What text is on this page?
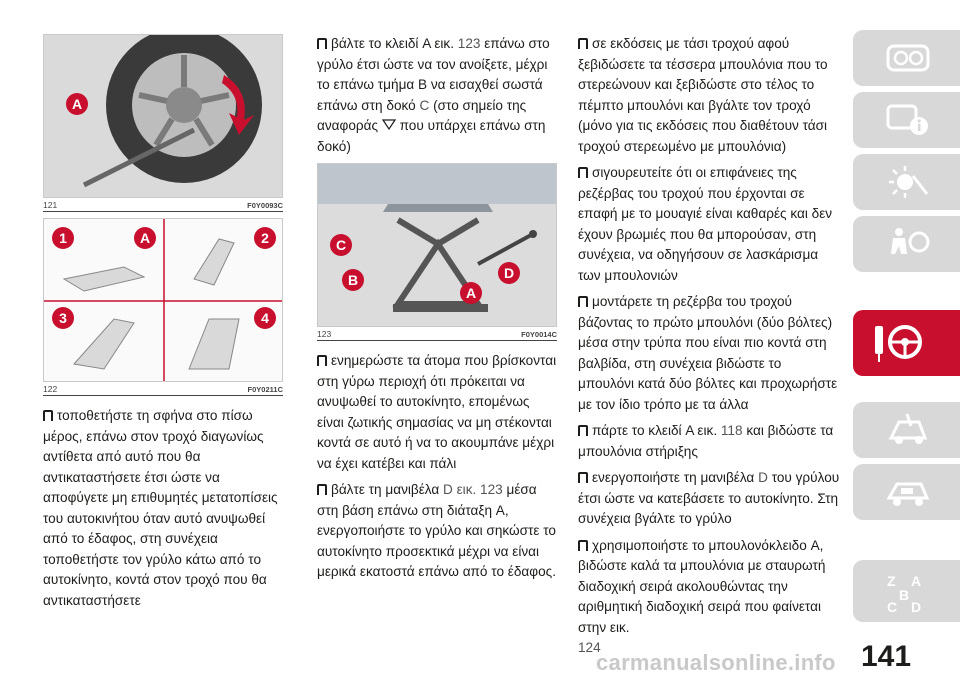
A
121	F0Y0093C
1	A	2
3	4
122	F0Y0211C

τοποθετήστε τη σφήνα στο πίσω μέρος, επάνω στον τροχό διαγωνίως αντίθετα από αυτό που θα αντικαταστήσετε έτσι ώστε να αποφύγετε μη επιθυμητές μετατοπίσεις του αυτοκινήτου όταν αυτό ανυψωθεί από το έδαφος, στη συνέχεια τοποθετήστε τον γρύλο κάτω από το αυτοκίνητο, κοντά στον τροχό που θα αντικαταστήσετε

βάλτε το κλειδί A εικ. 123 επάνω στο γρύλο έτσι ώστε να τον ανοίξετε, μέχρι το επάνω τμήμα B να εισαχθεί σωστά επάνω στη δοκό C (στο σημείο της αναφοράς που υπάρχει επάνω στη δοκό)

C
B
A
D
123	F0Y0014C

ενημερώστε τα άτομα που βρίσκονται στη γύρω περιοχή ότι πρόκειται να ανυψωθεί το αυτοκίνητο, επομένως είναι ζωτικής σημασίας να μη στέκονται κοντά σε αυτό ή να το ακουμπάνε μέχρι να έχει κατέβει και πάλι

βάλτε τη μανιβέλα D εικ. 123 μέσα στη βάση επάνω στη διάταξη A, ενεργοποιήστε το γρύλο και σηκώστε το αυτοκίνητο προσεκτικά μέχρι να είναι μερικά εκατοστά επάνω από το έδαφος.

σε εκδόσεις με τάσι τροχού αφού ξεβιδώσετε τα τέσσερα μπουλόνια που το στερεώνουν και ξεβιδώστε στο τέλος το πέμπτο μπουλόνι και βγάλτε τον τροχό (μόνο για τις εκδόσεις που διαθέτουν τάσι τροχού στερεωμένο με μπουλόνια)

σιγουρευτείτε ότι οι επιφάνειες της ρεζέρβας του τροχού που έρχονται σε επαφή με το μουαγιέ είναι καθαρές και δεν έχουν βρωμιές που θα μπορούσαν, στη συνέχεια, να οδηγήσουν σε λασκάρισμα των μπουλονιών

μοντάρετε τη ρεζέρβα του τροχού βάζοντας το πρώτο μπουλόνι (δύο βόλτες) μέσα στην τρύπα που είναι πιο κοντά στη βαλβίδα, στη συνέχεια βιδώστε το μπουλόνι κατά δύο βόλτες και προχωρήστε με τον ίδιο τρόπο με τα άλλα

πάρτε το κλειδί A εικ. 118 και βιδώστε τα μπουλόνια στήριξης

ενεργοποιήστε τη μανιβέλα D του γρύλου έτσι ώστε να κατεβάσετε το αυτοκίνητο. Στη συνέχεια βγάλτε το γρύλο

χρησιμοποιήστε το μπουλονόκλειδο A, βιδώστε καλά τα μπουλόνια με σταυρωτή διαδοχική σειρά ακολουθώντας την αριθμητική διαδοχική σειρά που φαίνεται στην εικ.
124

Z A
B
C D
141
carmanualsonline.info
